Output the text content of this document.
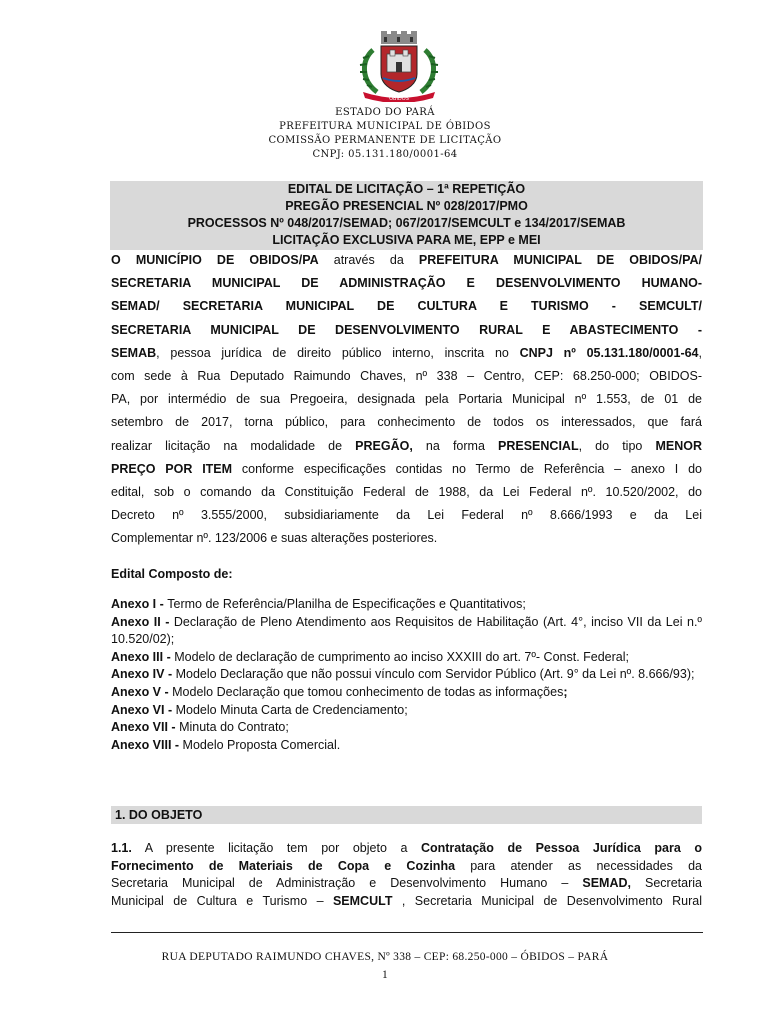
OBIDOS
ESTADO DO PARÁ
PREFEITURA MUNICIPAL DE ÓBIDOS
COMISSÃO PERMANENTE DE LICITAÇÃO
CNPJ: 05.131.180/0001-64
EDITAL DE LICITAÇÃO – 1ª REPETIÇÃO
PREGÃO PRESENCIAL Nº 028/2017/PMO
PROCESSOS Nº 048/2017/SEMAD; 067/2017/SEMCULT e 134/2017/SEMAB
LICITAÇÃO EXCLUSIVA PARA ME, EPP e MEI
O MUNICÍPIO DE OBIDOS/PA através da PREFEITURA MUNICIPAL DE OBIDOS/PA/
SECRETARIA MUNICIPAL DE ADMINISTRAÇÃO E DESENVOLVIMENTO HUMANO-
SEMAD/ SECRETARIA MUNICIPAL DE CULTURA E TURISMO - SEMCULT/
SECRETARIA MUNICIPAL DE DESENVOLVIMENTO RURAL E ABASTECIMENTO -
SEMAB, pessoa jurídica de direito público interno, inscrita no CNPJ nº 05.131.180/0001-64,
com sede à Rua Deputado Raimundo Chaves, nº 338 – Centro, CEP: 68.250-000; OBIDOS-
PA, por intermédio de sua Pregoeira, designada pela Portaria Municipal nº 1.553, de 01 de
setembro de 2017, torna público, para conhecimento de todos os interessados, que fará
realizar licitação na modalidade de PREGÃO, na forma PRESENCIAL, do tipo MENOR
PREÇO POR ITEM conforme especificações contidas no Termo de Referência – anexo I do
edital, sob o comando da Constituição Federal de 1988, da Lei Federal nº. 10.520/2002, do
Decreto nº 3.555/2000, subsidiariamente da Lei Federal nº 8.666/1993 e da Lei
Complementar nº. 123/2006 e suas alterações posteriores.
Edital Composto de:
Anexo I - Termo de Referência/Planilha de Especificações e Quantitativos;
Anexo II - Declaração de Pleno Atendimento aos Requisitos de Habilitação (Art. 4°, inciso VII da Lei n.º 10.520/02);
Anexo III - Modelo de declaração de cumprimento ao inciso XXXIII do art. 7º- Const. Federal;
Anexo IV - Modelo Declaração que não possui vínculo com Servidor Público (Art. 9° da Lei nº. 8.666/93);
Anexo V - Modelo Declaração que tomou conhecimento de todas as informações;
Anexo VI - Modelo Minuta Carta de Credenciamento;
Anexo VII - Minuta do Contrato;
Anexo VIII - Modelo Proposta Comercial.
1. DO OBJETO
1.1. A presente licitação tem por objeto a Contratação de Pessoa Jurídica para o
Fornecimento de Materiais de Copa e Cozinha para atender as necessidades da
Secretaria Municipal de Administração e Desenvolvimento Humano – SEMAD, Secretaria
Municipal de Cultura e Turismo – SEMCULT , Secretaria Municipal de Desenvolvimento Rural
RUA DEPUTADO RAIMUNDO CHAVES, Nº 338 – CEP: 68.250-000 – ÓBIDOS – PARÁ
1
